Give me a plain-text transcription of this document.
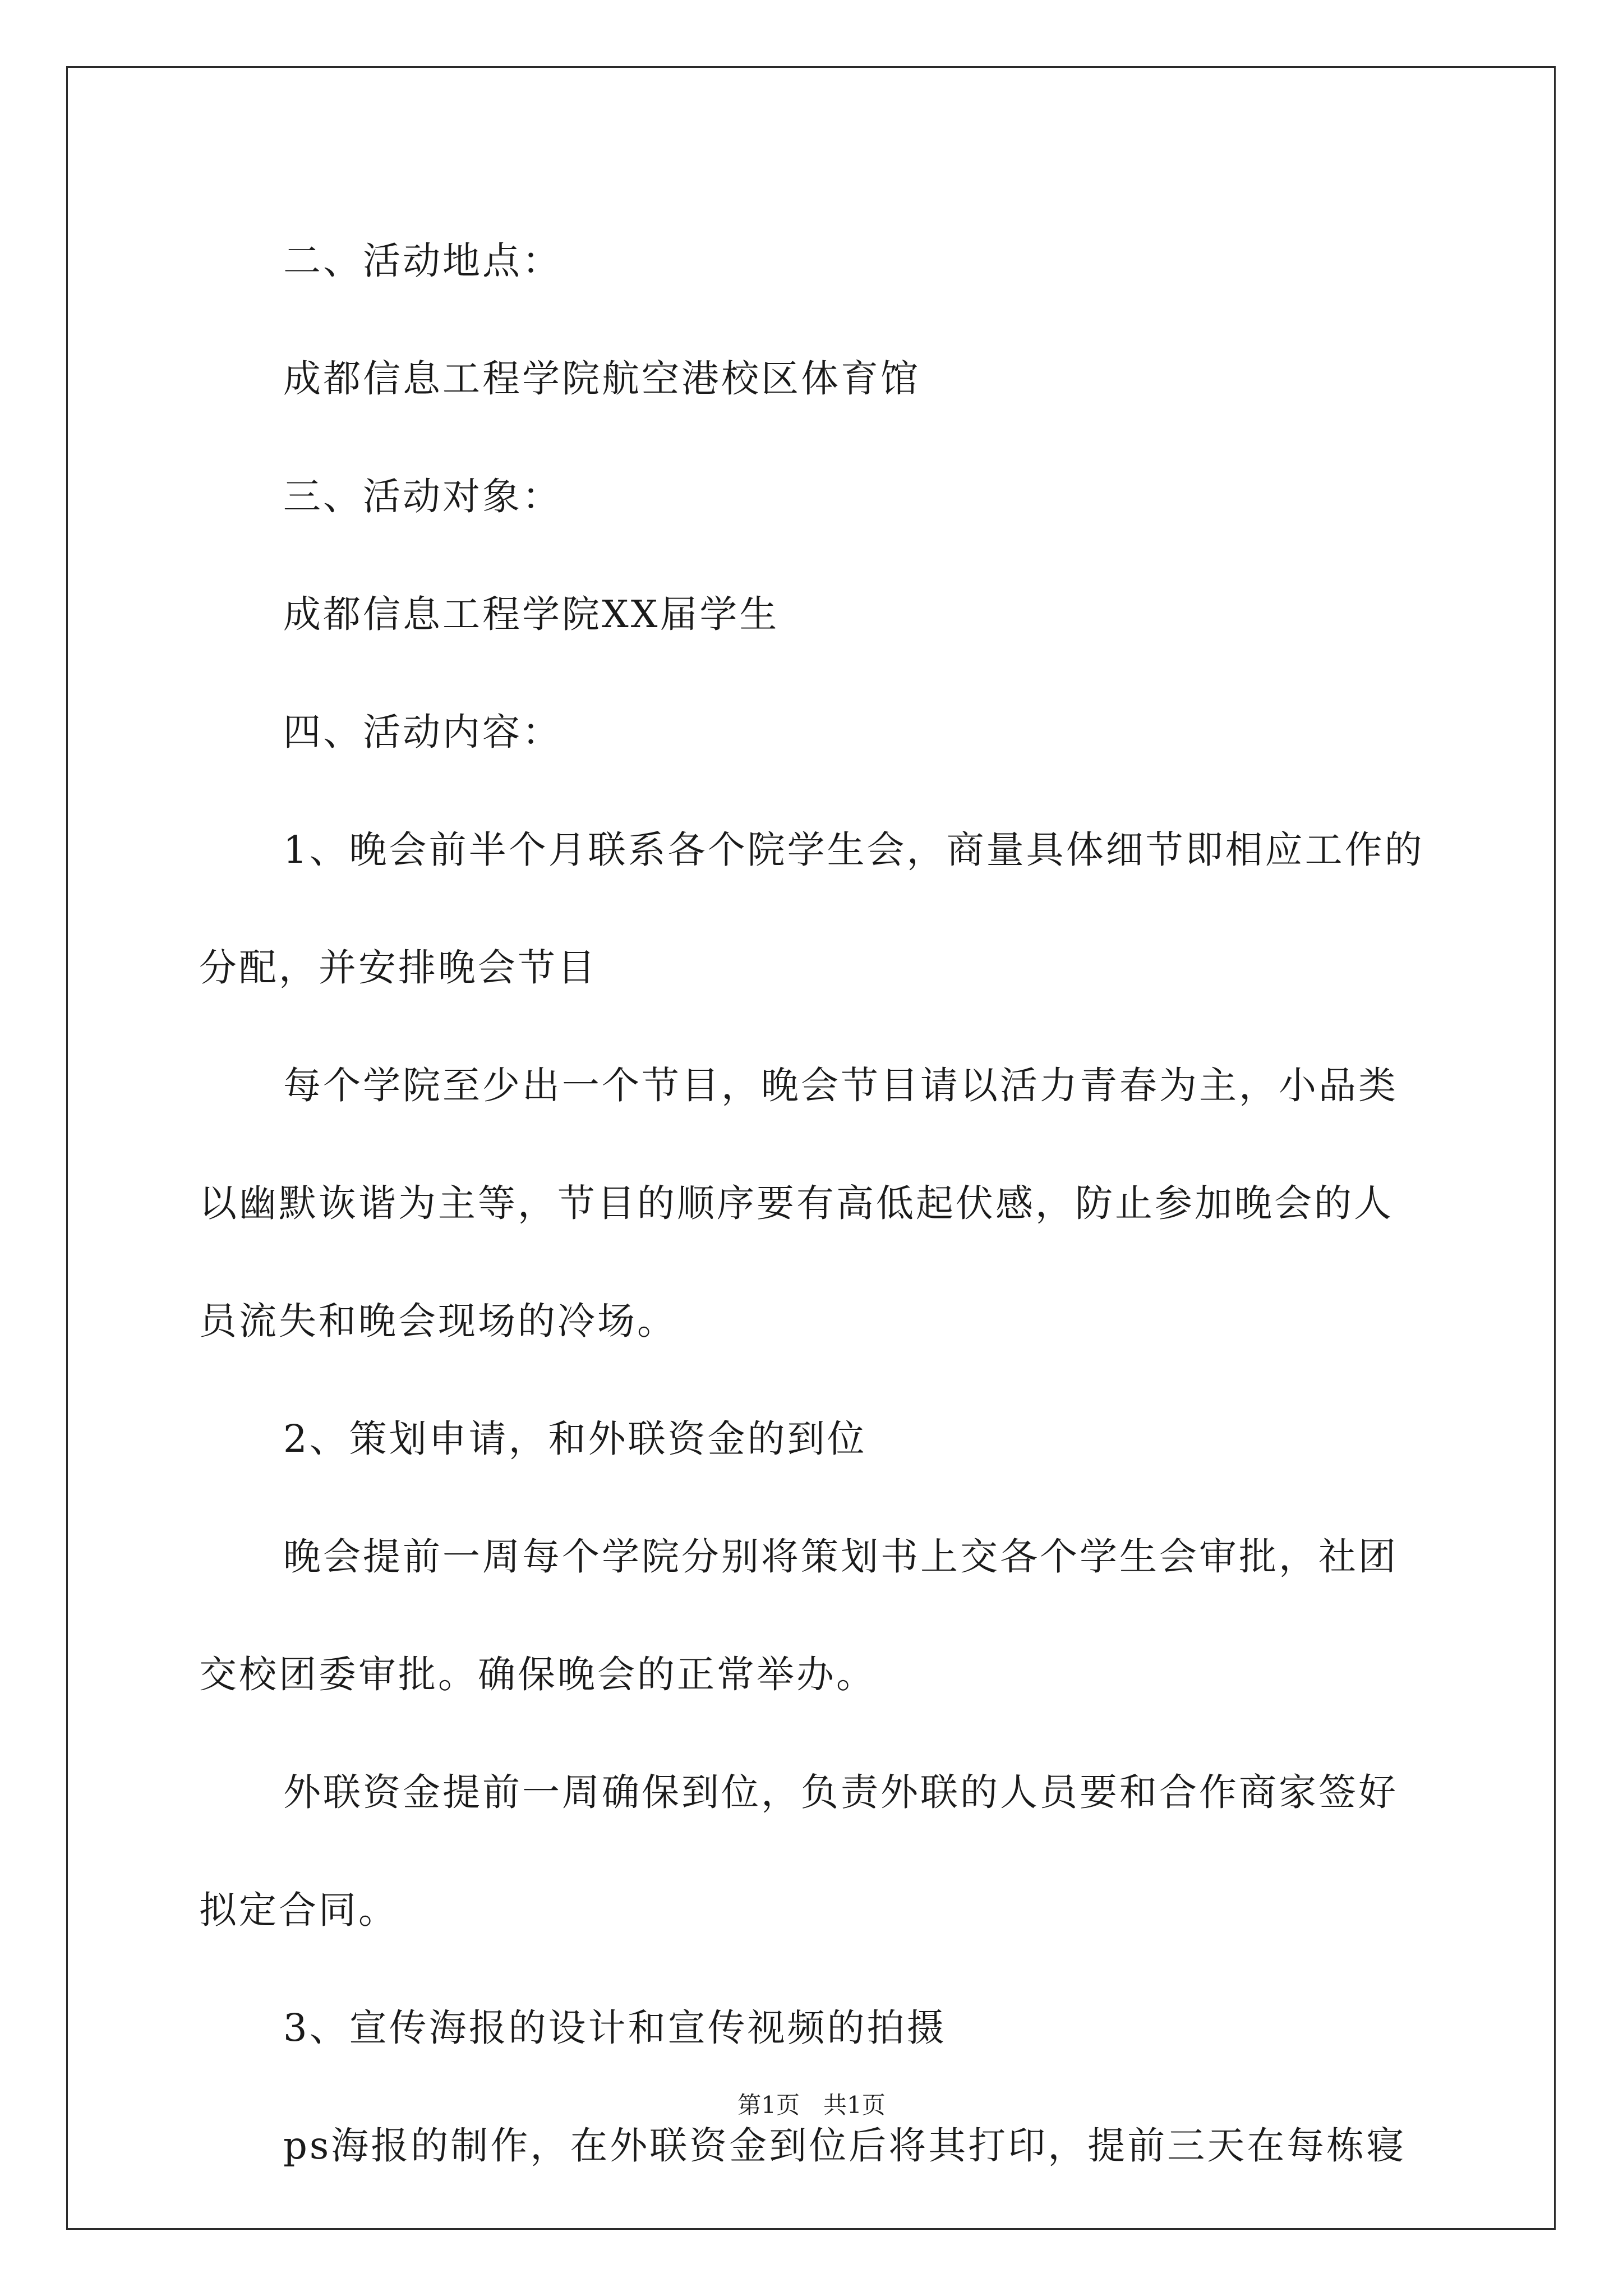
二、活动地点：

成都信息工程学院航空港校区体育馆

三、活动对象：

成都信息工程学院XX届学生

四、活动内容：

1、晚会前半个月联系各个院学生会，商量具体细节即相应工作的

分配，并安排晚会节目

每个学院至少出一个节目，晚会节目请以活力青春为主，小品类

以幽默诙谐为主等，节目的顺序要有高低起伏感，防止参加晚会的人

员流失和晚会现场的冷场。

2、策划申请，和外联资金的到位

晚会提前一周每个学院分别将策划书上交各个学生会审批，社团

交校团委审批。确保晚会的正常举办。

外联资金提前一周确保到位，负责外联的人员要和合作商家签好

拟定合同。

3、宣传海报的设计和宣传视频的拍摄

ps海报的制作，在外联资金到位后将其打印，提前三天在每栋寝

第1页　共1页
